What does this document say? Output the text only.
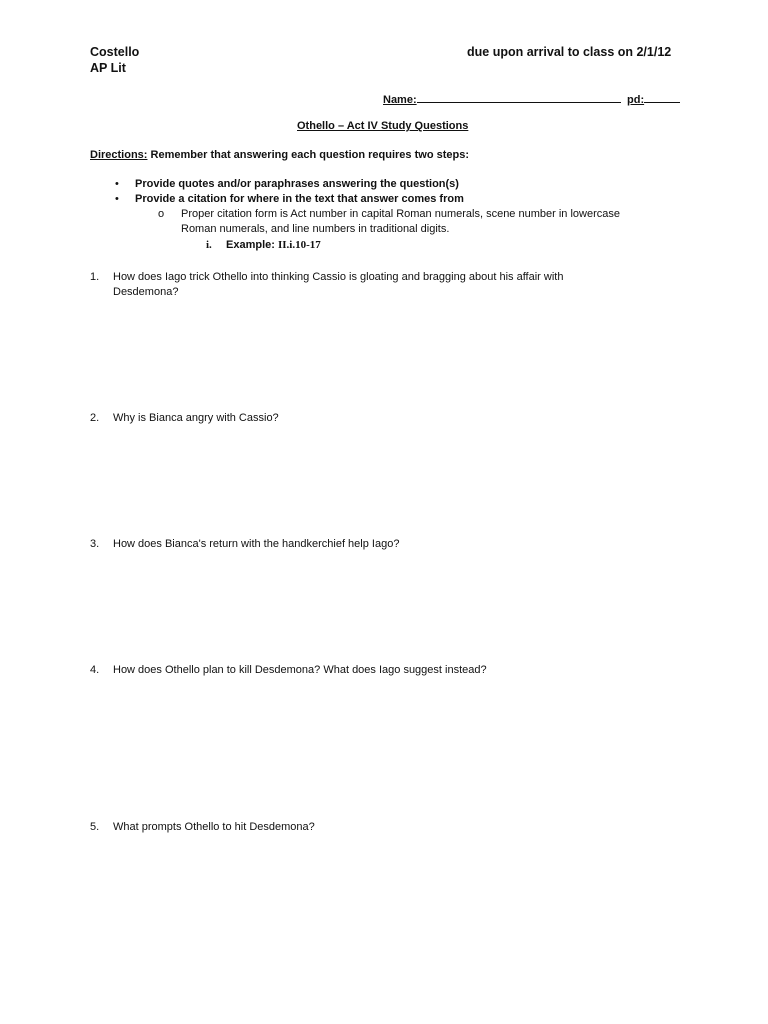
Costello
AP Lit
due upon arrival to class on 2/1/12
Name:	pd:
Othello – Act IV Study Questions
Directions: Remember that answering each question requires two steps:
• Provide quotes and/or paraphrases answering the question(s)
• Provide a citation for where in the text that answer comes from
o Proper citation form is Act number in capital Roman numerals, scene number in lowercase
Roman numerals, and line numbers in traditional digits.
i. Example: II.i.10-17
1. How does Iago trick Othello into thinking Cassio is gloating and bragging about his affair with
Desdemona?
2. Why is Bianca angry with Cassio?
3. How does Bianca's return with the handkerchief help Iago?
4. How does Othello plan to kill Desdemona? What does Iago suggest instead?
5. What prompts Othello to hit Desdemona?
